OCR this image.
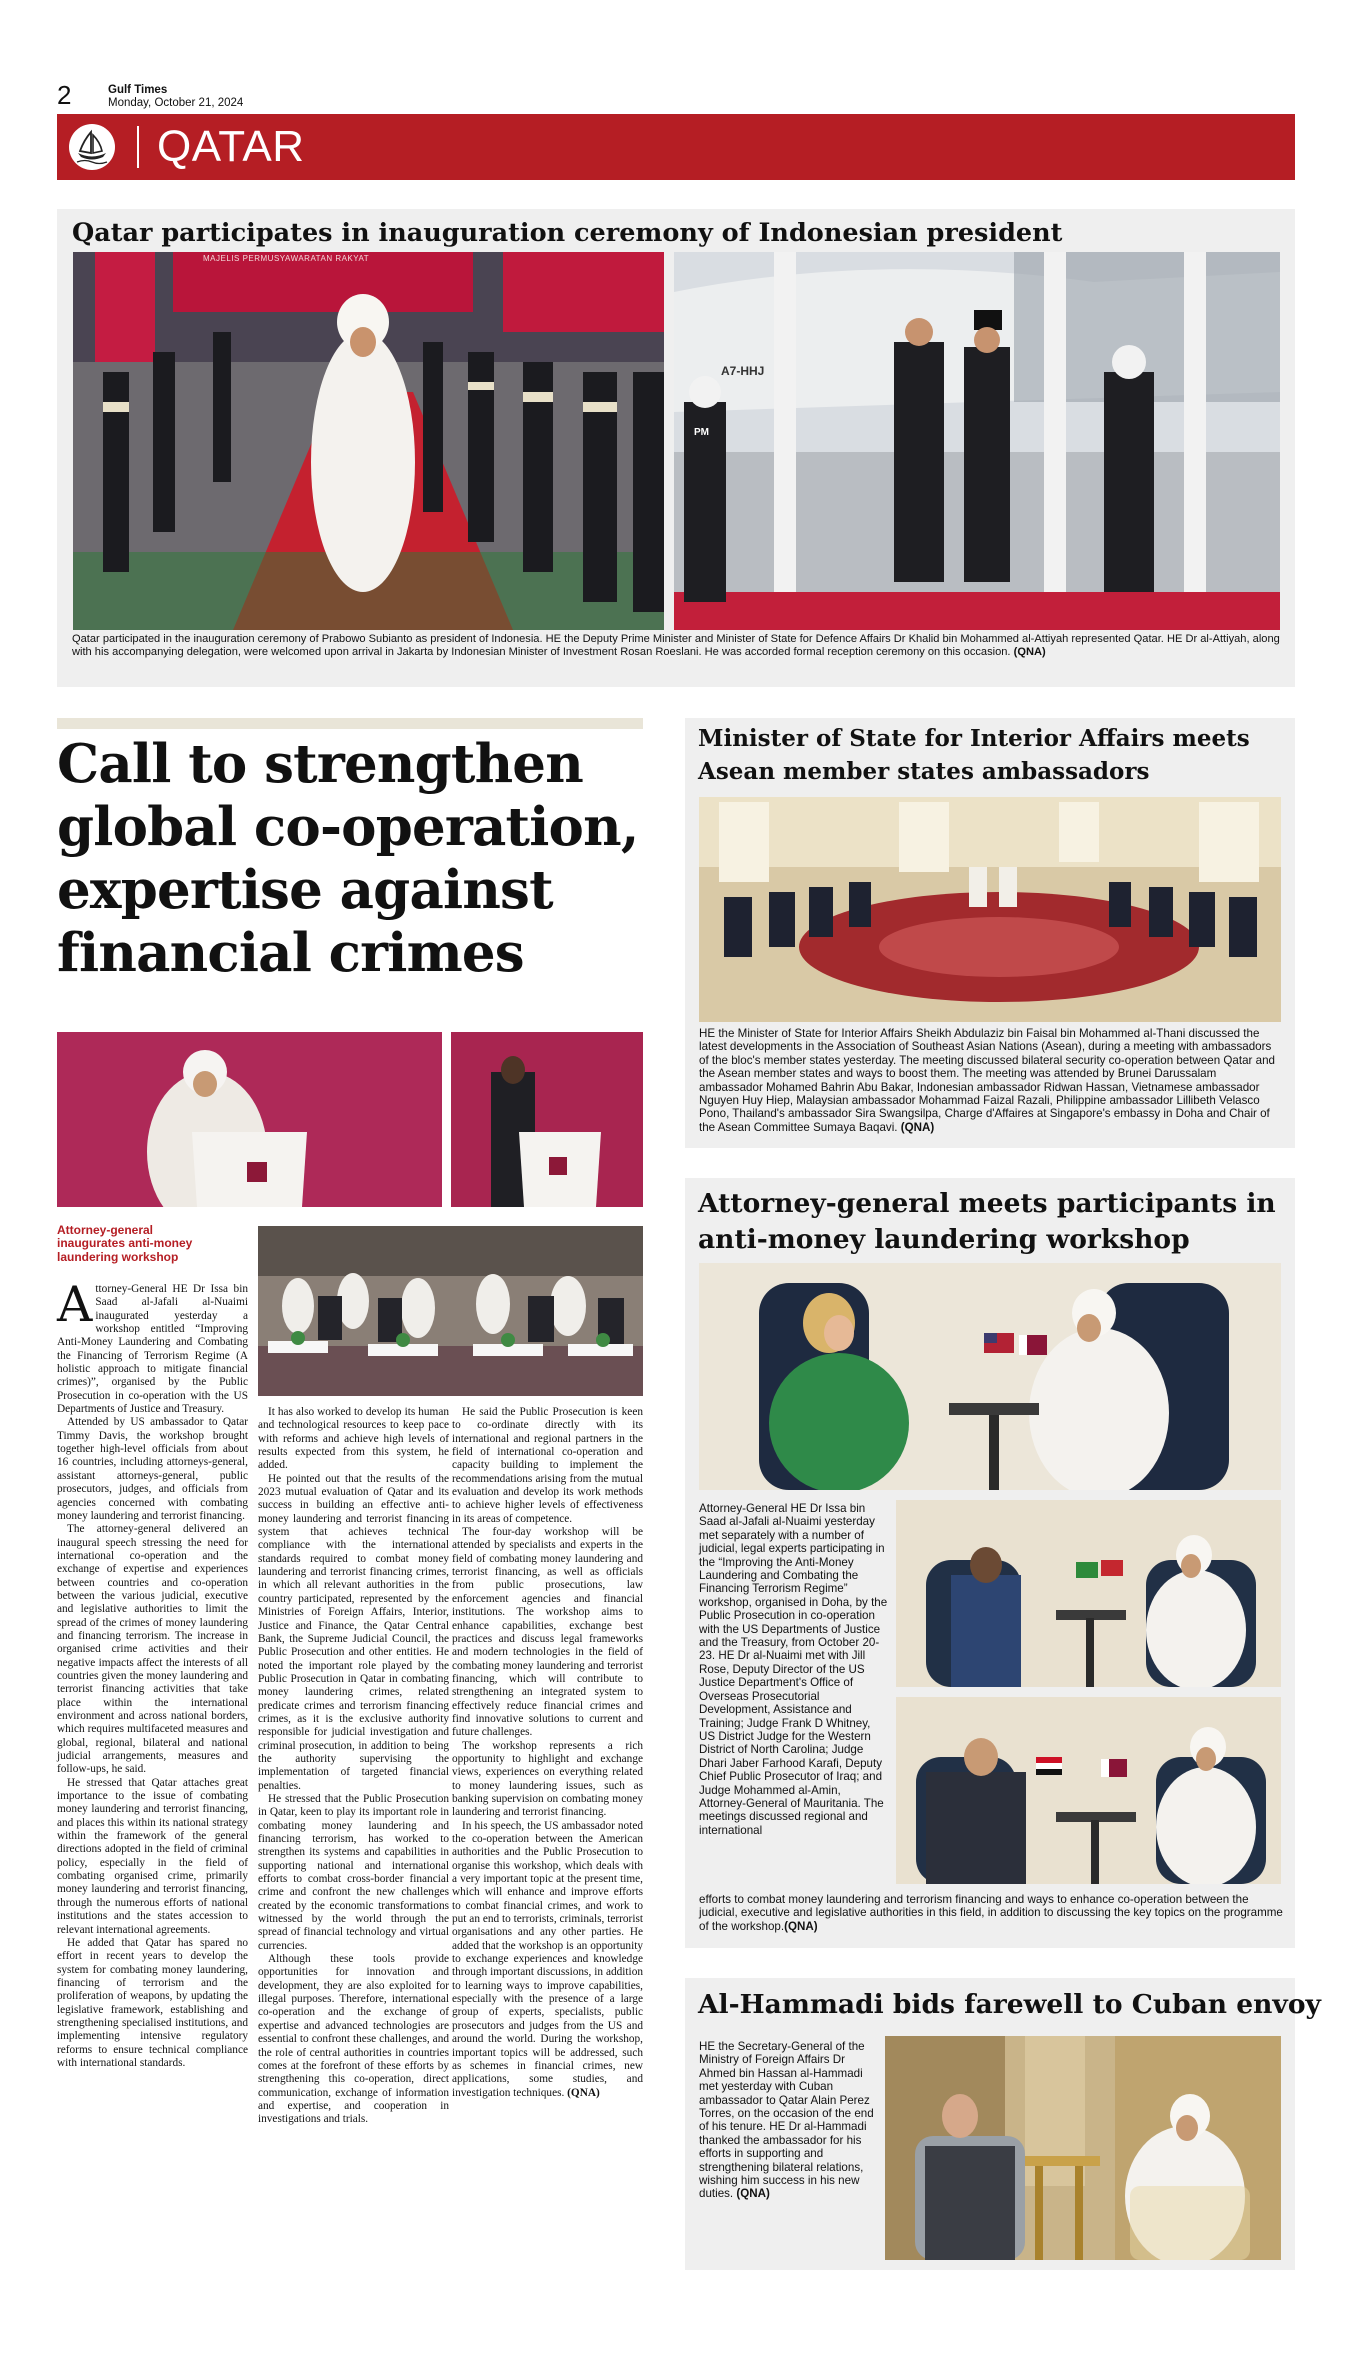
2	Gulf Times
Monday, October 21, 2024
QATAR
Qatar participates in inauguration ceremony of Indonesian president
MAJELIS PERMUSYAWARATAN RAKYAT
A7-HHJ
PM
Qatar participated in the inauguration ceremony of Prabowo Subianto as president of Indonesia. HE the Deputy Prime Minister and Minister of State for Defence Affairs Dr Khalid bin Mohammed al-Attiyah represented Qatar. HE Dr al-Attiyah, along with his accompanying delegation, were welcomed upon arrival in Jakarta by Indonesian Minister of Investment Rosan Roeslani. He was accorded formal reception ceremony on this occasion. (QNA)
Call to strengthen global co-operation, expertise against financial crimes
Attorney-general inaugurates anti-money laundering workshop
A ttorney-General HE Dr Issa bin Saad al-Jafali al-Nuaimi inaugurated yesterday a workshop entitled “Improving Anti-Money Laundering and Combating the Financing of Terrorism Regime (A holistic approach to mitigate financial crimes)”, organised by the Public Prosecution in co-operation with the US Departments of Justice and Treasury.

Attended by US ambassador to Qatar Timmy Davis, the workshop brought together high-level officials from about 16 countries, including attorneys-general, assistant attorneys-general, public prosecutors, judges, and officials from agencies concerned with combating money laundering and terrorist financing.

The attorney-general delivered an inaugural speech stressing the need for international co-operation and the exchange of expertise and experiences between countries and co-operation between the various judicial, executive and legislative authorities to limit the spread of the crimes of money laundering and financing terrorism. The increase in organised crime activities and their negative impacts affect the interests of all countries given the money laundering and terrorist financing activities that take place within the international environment and across national borders, which requires multifaceted measures and global, regional, bilateral and national judicial arrangements, measures and follow-ups, he said.

He stressed that Qatar attaches great importance to the issue of combating money laundering and terrorist financing, and places this within its national strategy within the framework of the general directions adopted in the field of criminal policy, especially in the field of combating organised crime, primarily money laundering and terrorist financing, through the numerous efforts of national institutions and the states accession to relevant international agreements.

He added that Qatar has spared no effort in recent years to develop the system for combating money laundering, financing of terrorism and the proliferation of weapons, by updating the legislative framework, establishing and strengthening specialised institutions, and implementing intensive regulatory reforms to ensure technical compliance with international standards.

It has also worked to develop its human and technological resources to keep pace with reforms and achieve high levels of results expected from this system, he added.

He pointed out that the results of the 2023 mutual evaluation of Qatar and its success in building an effective anti-money laundering and terrorist financing system that achieves technical compliance with the international standards required to combat money laundering and terrorist financing crimes, in which all relevant authorities in the country participated, represented by the Ministries of Foreign Affairs, Interior, Justice and Finance, the Qatar Central Bank, the Supreme Judicial Council, the Public Prosecution and other entities. He noted the important role played by the Public Prosecution in Qatar in combating money laundering crimes, related predicate crimes and terrorism financing crimes, as it is the exclusive authority responsible for judicial investigation and criminal prosecution, in addition to being the authority supervising the implementation of targeted financial penalties.

He stressed that the Public Prosecution in Qatar, keen to play its important role in combating money laundering and financing terrorism, has worked to strengthen its systems and capabilities in supporting national and international efforts to combat cross-border financial crime and confront the new challenges created by the economic transformations witnessed by the world through the spread of financial technology and virtual currencies.

Although these tools provide opportunities for innovation and development, they are also exploited for illegal purposes. Therefore, international co-operation and the exchange of expertise and advanced technologies are essential to confront these challenges, and the role of central authorities in countries comes at the forefront of these efforts by strengthening this co-operation, direct communication, exchange of information and expertise, and cooperation in investigations and trials.

He said the Public Prosecution is keen to co-ordinate directly with its international and regional partners in the field of international co-operation and capacity building to implement the recommendations arising from the mutual evaluation and develop its work methods to achieve higher levels of effectiveness in its areas of competence.

The four-day workshop will be attended by specialists and experts in the field of combating money laundering and terrorist financing, as well as officials from public prosecutions, law enforcement agencies and financial institutions. The workshop aims to enhance capabilities, exchange best practices and discuss legal frameworks and modern technologies in the field of combating money laundering and terrorist financing, which will contribute to strengthening an integrated system to effectively reduce financial crimes and find innovative solutions to current and future challenges.

The workshop represents a rich opportunity to highlight and exchange views, experiences on everything related to money laundering issues, such as banking supervision on combating money laundering and terrorist financing.

In his speech, the US ambassador noted the co-operation between the American authorities and the Public Prosecution to organise this workshop, which deals with a very important topic at the present time, which will enhance and improve efforts to combat financial crimes, and work to put an end to terrorists, criminals, terrorist organisations and any other parties. He added that the workshop is an opportunity to exchange experiences and knowledge through important discussions, in addition to learning ways to improve capabilities, especially with the presence of a large group of experts, specialists, public prosecutors and judges from the US and around the world. During the workshop, important topics will be addressed, such as schemes in financial crimes, new applications, some studies, and investigation techniques. (QNA)

Minister of State for Interior Affairs meets Asean member states ambassadors
HE the Minister of State for Interior Affairs Sheikh Abdulaziz bin Faisal bin Mohammed al-Thani discussed the latest developments in the Association of Southeast Asian Nations (Asean), during a meeting with ambassadors of the bloc's member states yesterday. The meeting discussed bilateral security co-operation between Qatar and the Asean member states and ways to boost them. The meeting was attended by Brunei Darussalam ambassador Mohamed Bahrin Abu Bakar, Indonesian ambassador Ridwan Hassan, Vietnamese ambassador Nguyen Huy Hiep, Malaysian ambassador Mohammad Faizal Razali, Philippine ambassador Lillibeth Velasco Pono, Thailand's ambassador Sira Swangsilpa, Charge d'Affaires at Singapore's embassy in Doha and Chair of the Asean Committee Sumaya Baqavi. (QNA)
Attorney-general meets participants in anti-money laundering workshop
Attorney-General HE Dr Issa bin Saad al-Jafali al-Nuaimi yesterday met separately with a number of judicial, legal experts participating in the “Improving the Anti-Money Laundering and Combating the Financing Terrorism Regime” workshop, organised in Doha, by the Public Prosecution in co-operation with the US Departments of Justice and the Treasury, from October 20-23. HE Dr al-Nuaimi met with Jill Rose, Deputy Director of the US Justice Department's Office of Overseas Prosecutorial Development, Assistance and Training; Judge Frank D Whitney, US District Judge for the Western District of North Carolina; Judge Dhari Jaber Farhood Karafi, Deputy Chief Public Prosecutor of Iraq; and Judge Mohammed al-Amin, Attorney-General of Mauritania. The meetings discussed regional and international
efforts to combat money laundering and terrorism financing and ways to enhance co-operation between the judicial, executive and legislative authorities in this field, in addition to discussing the key topics on the programme of the workshop.(QNA)
Al-Hammadi bids farewell to Cuban envoy
HE the Secretary-General of the Ministry of Foreign Affairs Dr Ahmed bin Hassan al-Hammadi met yesterday with Cuban ambassador to Qatar Alain Perez Torres, on the occasion of the end of his tenure. HE Dr al-Hammadi thanked the ambassador for his efforts in supporting and strengthening bilateral relations, wishing him success in his new duties. (QNA)
